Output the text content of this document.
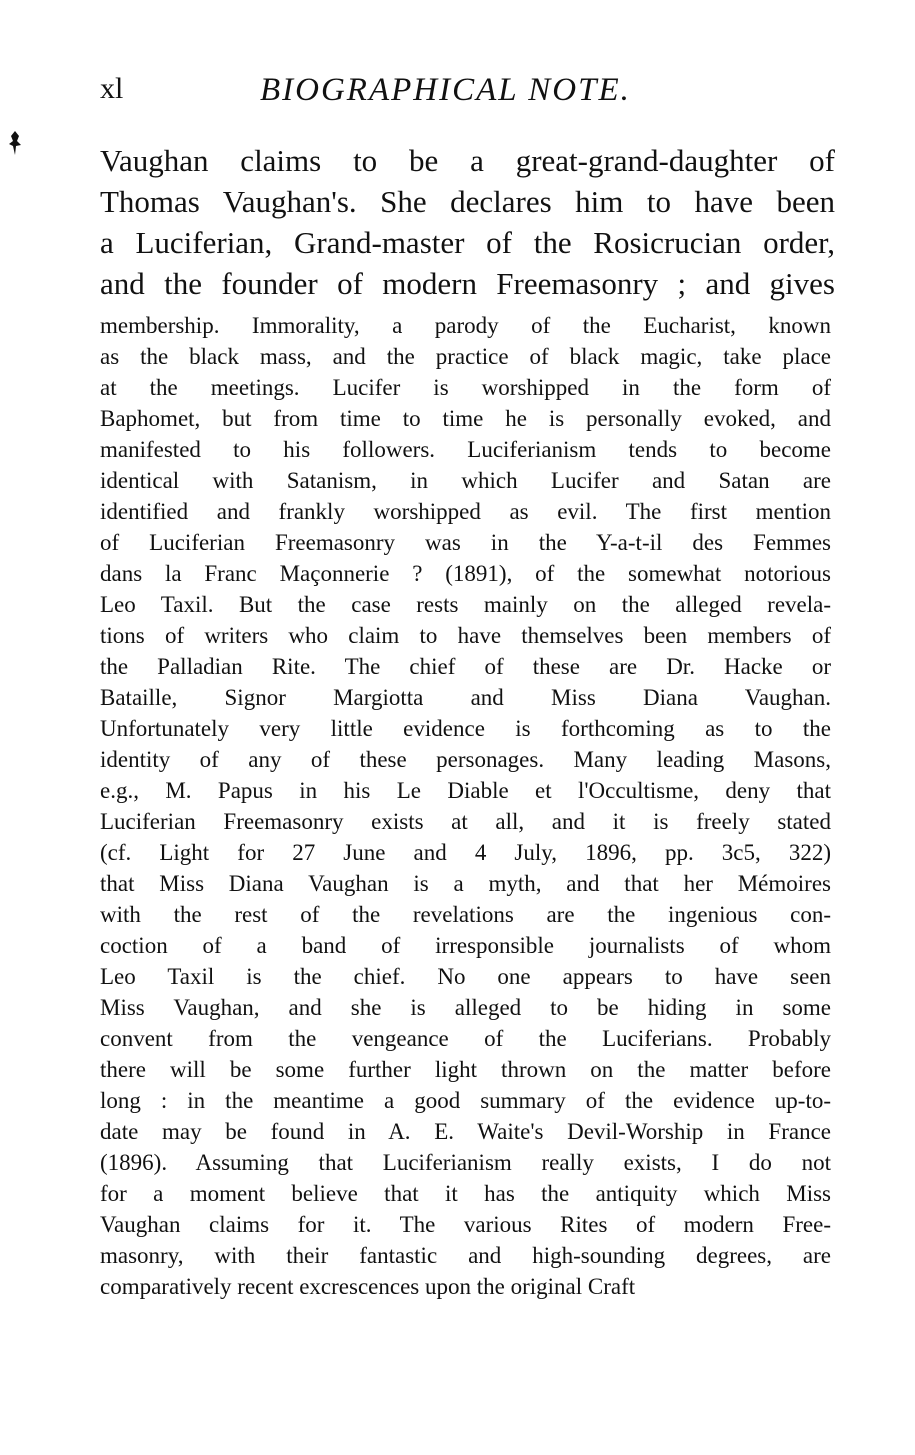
xl	BIOGRAPHICAL NOTE.
Vaughan claims to be a great-grand-daughter of
Thomas Vaughan's. She declares him to have been
a Luciferian, Grand-master of the Rosicrucian order,
and the founder of modern Freemasonry ; and gives
membership. Immorality, a parody of the Eucharist, known
as the black mass, and the practice of black magic, take place
at the meetings. Lucifer is worshipped in the form of
Baphomet, but from time to time he is personally evoked, and
manifested to his followers. Luciferianism tends to become
identical with Satanism, in which Lucifer and Satan are
identified and frankly worshipped as evil. The first mention
of Luciferian Freemasonry was in the Y-a-t-il des Femmes
dans la Franc Maçonnerie ? (1891), of the somewhat notorious
Leo Taxil. But the case rests mainly on the alleged revela-
tions of writers who claim to have themselves been members of
the Palladian Rite. The chief of these are Dr. Hacke or
Bataille, Signor Margiotta and Miss Diana Vaughan.
Unfortunately very little evidence is forthcoming as to the
identity of any of these personages. Many leading Masons,
e.g., M. Papus in his Le Diable et l'Occultisme, deny that
Luciferian Freemasonry exists at all, and it is freely stated
(cf. Light for 27 June and 4 July, 1896, pp. 3c5, 322)
that Miss Diana Vaughan is a myth, and that her Mémoires
with the rest of the revelations are the ingenious con-
coction of a band of irresponsible journalists of whom
Leo Taxil is the chief. No one appears to have seen
Miss Vaughan, and she is alleged to be hiding in some
convent from the vengeance of the Luciferians. Probably
there will be some further light thrown on the matter before
long : in the meantime a good summary of the evidence up-to-
date may be found in A. E. Waite's Devil-Worship in France
(1896). Assuming that Luciferianism really exists, I do not
for a moment believe that it has the antiquity which Miss
Vaughan claims for it. The various Rites of modern Free-
masonry, with their fantastic and high-sounding degrees, are
comparatively recent excrescences upon the original Craft
